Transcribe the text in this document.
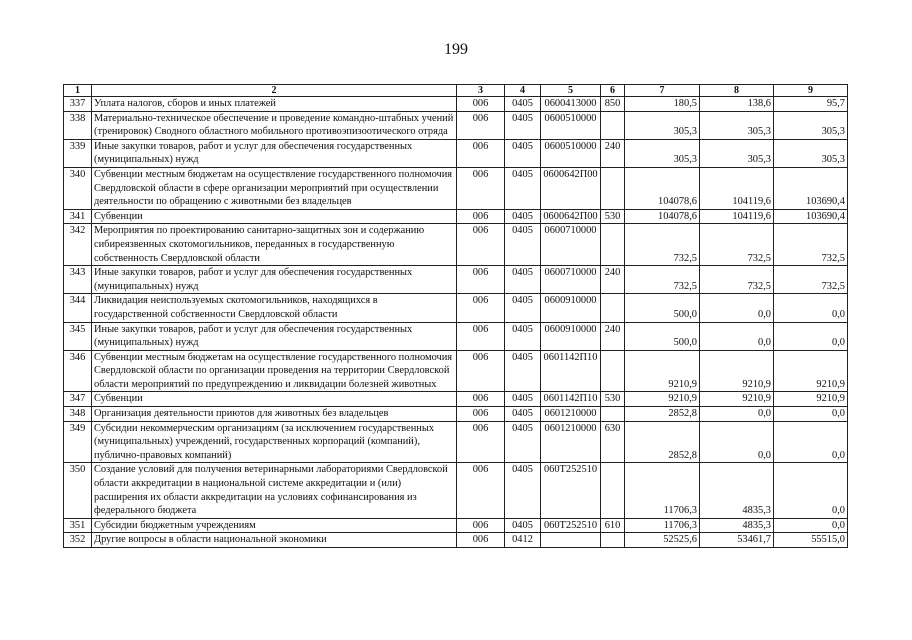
199
1	2	3	4	5	6	7	8	9
337	Уплата налогов, сборов и иных платежей	006	0405	0600413000	850	180,5	138,6	95,7
338	Материально-техническое обеспечение и проведение командно-штабных учений (тренировок) Сводного областного мобильного противоэпизоотического отряда	006	0405	0600510000		305,3	305,3	305,3
339	Иные закупки товаров, работ и услуг для обеспечения государственных (муниципальных) нужд	006	0405	0600510000	240	305,3	305,3	305,3
340	Субвенции местным бюджетам на осуществление государственного полномочия Свердловской области в сфере организации мероприятий при осуществлении деятельности по обращению с животными без владельцев	006	0405	0600642П00		104078,6	104119,6	103690,4
341	Субвенции	006	0405	0600642П00	530	104078,6	104119,6	103690,4
342	Мероприятия по проектированию санитарно-защитных зон и содержанию сибиреязвенных скотомогильников, переданных в государственную собственность Свердловской области	006	0405	0600710000		732,5	732,5	732,5
343	Иные закупки товаров, работ и услуг для обеспечения государственных (муниципальных) нужд	006	0405	0600710000	240	732,5	732,5	732,5
344	Ликвидация неиспользуемых скотомогильников, находящихся в государственной собственности Свердловской области	006	0405	0600910000		500,0	0,0	0,0
345	Иные закупки товаров, работ и услуг для обеспечения государственных (муниципальных) нужд	006	0405	0600910000	240	500,0	0,0	0,0
346	Субвенции местным бюджетам на осуществление государственного полномочия Свердловской области по организации проведения на территории Свердловской области мероприятий по предупреждению и ликвидации болезней животных	006	0405	0601142П10		9210,9	9210,9	9210,9
347	Субвенции	006	0405	0601142П10	530	9210,9	9210,9	9210,9
348	Организация деятельности приютов для животных без владельцев	006	0405	0601210000		2852,8	0,0	0,0
349	Субсидии некоммерческим организациям (за исключением государственных (муниципальных) учреждений, государственных корпораций (компаний), публично-правовых компаний)	006	0405	0601210000	630	2852,8	0,0	0,0
350	Создание условий для получения ветеринарными лабораториями Свердловской области аккредитации в национальной системе аккредитации и (или) расширения их области аккредитации на условиях софинансирования из федерального бюджета	006	0405	060Т252510		11706,3	4835,3	0,0
351	Субсидии бюджетным учреждениям	006	0405	060Т252510	610	11706,3	4835,3	0,0
352	Другие вопросы в области национальной экономики	006	0412			52525,6	53461,7	55515,0
